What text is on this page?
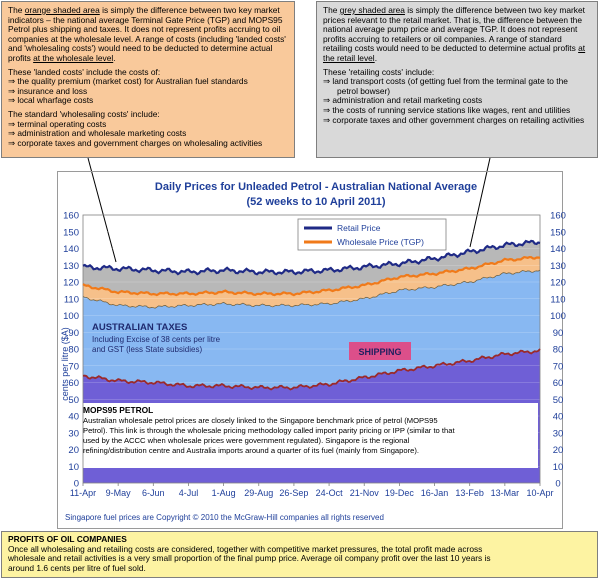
The orange shaded area is simply the difference between two key market indicators – the national average Terminal Gate Price (TGP) and MOPS95 Petrol plus shipping and taxes. It does not represent profits accruing to oil companies at the wholesale level. A range of costs (including 'landed costs' and 'wholesaling costs') would need to be deducted to determine actual profits at the wholesale level.

These 'landed costs' include the costs of:

⇒ the quality premium (market cost) for Australian fuel standards
⇒ insurance and loss
⇒ local wharfage costs

The standard 'wholesaling costs' include:

⇒ terminal operating costs
⇒ administration and wholesale marketing costs
⇒ corporate taxes and government charges on wholesaling activities

The grey shaded area is simply the difference between two key market prices relevant to the retail market. That is, the difference between the national average pump price and average TGP. It does not represent profits accruing to retailers or oil companies. A range of standard retailing costs would need to be deducted to determine actual profits at the retail level.

These 'retailing costs' include:

⇒ land transport costs (of getting fuel from the terminal gate to the petrol bowser)
⇒ administration and retail marketing costs
⇒ the costs of running service stations like wages, rent and utilities
⇒ corporate taxes and other government charges on retailing activities
Daily Prices for Unleaded Petrol - Australian National Average
(52 weeks to 10 April 2011)
0
10
20
30
40
50
60
70
80
90
100
110
120
130
140
150
160
0
10
20
30
40
50
60
70
80
90
100
110
120
130
140
150
160
11-Apr 9-May 6-Jun 4-Jul 1-Aug 29-Aug 26-Sep 24-Oct 21-Nov 19-Dec 16-Jan 13-Feb 13-Mar 10-Apr
cents per litre ($A)
Retail Price
Wholesale Price (TGP)
AUSTRALIAN TAXES
Including Excise of 38 cents per litre
and GST (less State subsidies)	SHIPPING
MOPS95 PETROL
Australian wholesale petrol prices are closely linked to the Singapore benchmark price of petrol (MOPS95
Petrol). This link is through the wholesale pricing methodology called import parity pricing or IPP (similar to that
used by the ACCC when wholesale prices were government regulated). Singapore is the regional
refining/distribution centre and Australia imports around a quarter of its fuel (mainly from Singapore).
Singapore fuel prices are Copyright © 2010 the McGraw-Hill companies all rights reserved
PROFITS OF OIL COMPANIES
Once all wholesaling and retailing costs are considered, together with competitive market pressures, the total profit made across
wholesale and retail activities is a very small proportion of the final pump price. Average oil company profit over the last 10 years is
around 1.6 cents per litre of fuel sold.
